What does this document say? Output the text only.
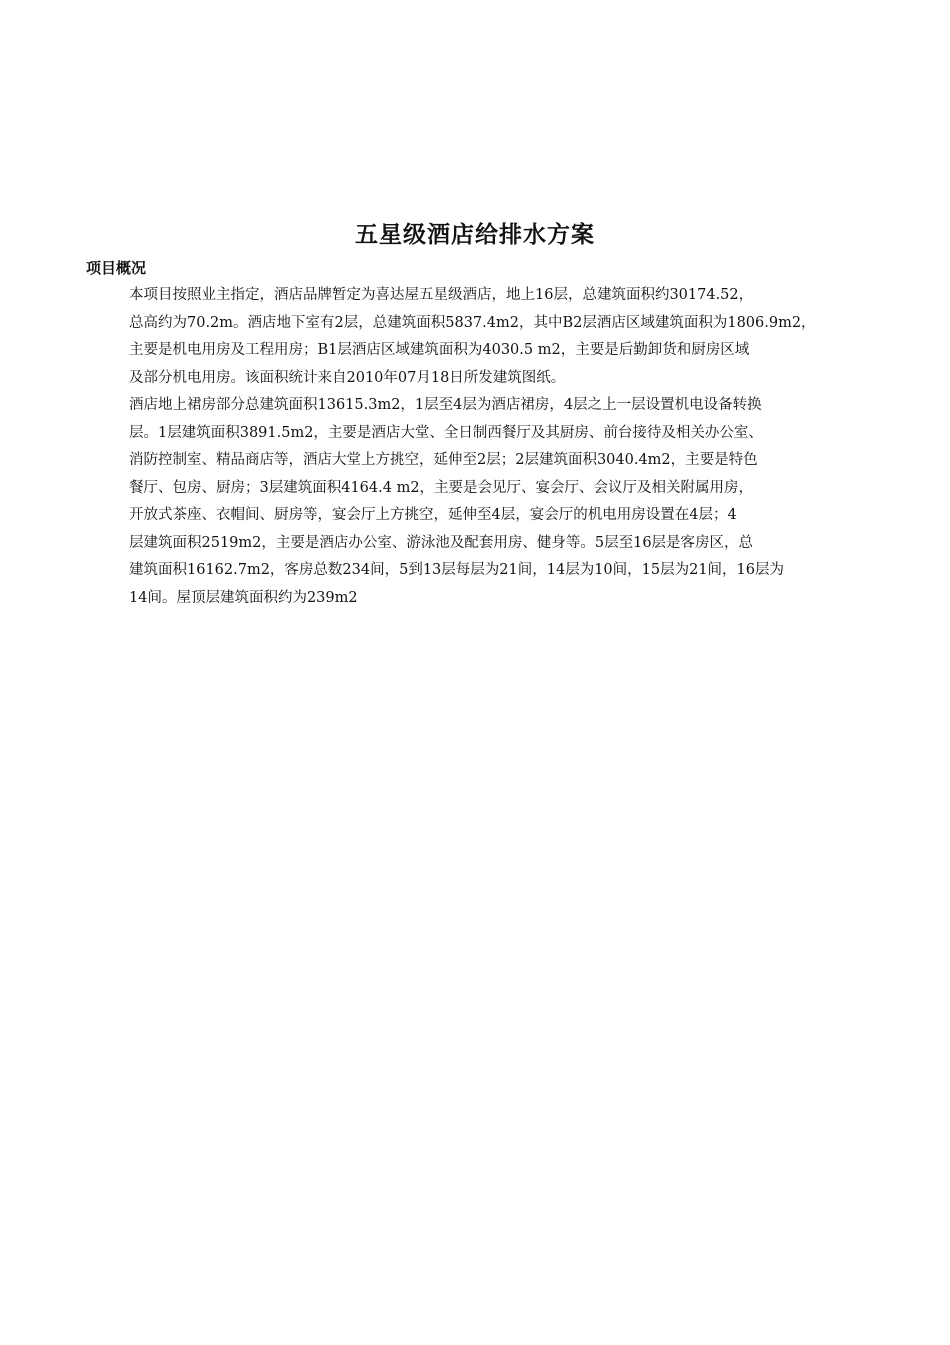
五星级酒店给排水方案
项目概况
本项目按照业主指定，酒店品牌暂定为喜达屋五星级酒店，地上16层，总建筑面积约30174.52，
总高约为70.2m。酒店地下室有2层，总建筑面积5837.4m2，其中B2层酒店区域建筑面积为1806.9m2，
主要是机电用房及工程用房；B1层酒店区域建筑面积为4030.5 m2，主要是后勤卸货和厨房区域
及部分机电用房。该面积统计来自2010年07月18日所发建筑图纸。
酒店地上裙房部分总建筑面积13615.3m2，1层至4层为酒店裙房，4层之上一层设置机电设备转换
层。1层建筑面积3891.5m2，主要是酒店大堂、全日制西餐厅及其厨房、前台接待及相关办公室、
消防控制室、精品商店等，酒店大堂上方挑空，延伸至2层；2层建筑面积3040.4m2，主要是特色
餐厅、包房、厨房；3层建筑面积4164.4 m2，主要是会见厅、宴会厅、会议厅及相关附属用房，
开放式茶座、衣帽间、厨房等，宴会厅上方挑空，延伸至4层，宴会厅的机电用房设置在4层；4
层建筑面积2519m2，主要是酒店办公室、游泳池及配套用房、健身等。5层至16层是客房区，总
建筑面积16162.7m2，客房总数234间，5到13层每层为21间，14层为10间，15层为21间，16层为
14间。屋顶层建筑面积约为239m2
